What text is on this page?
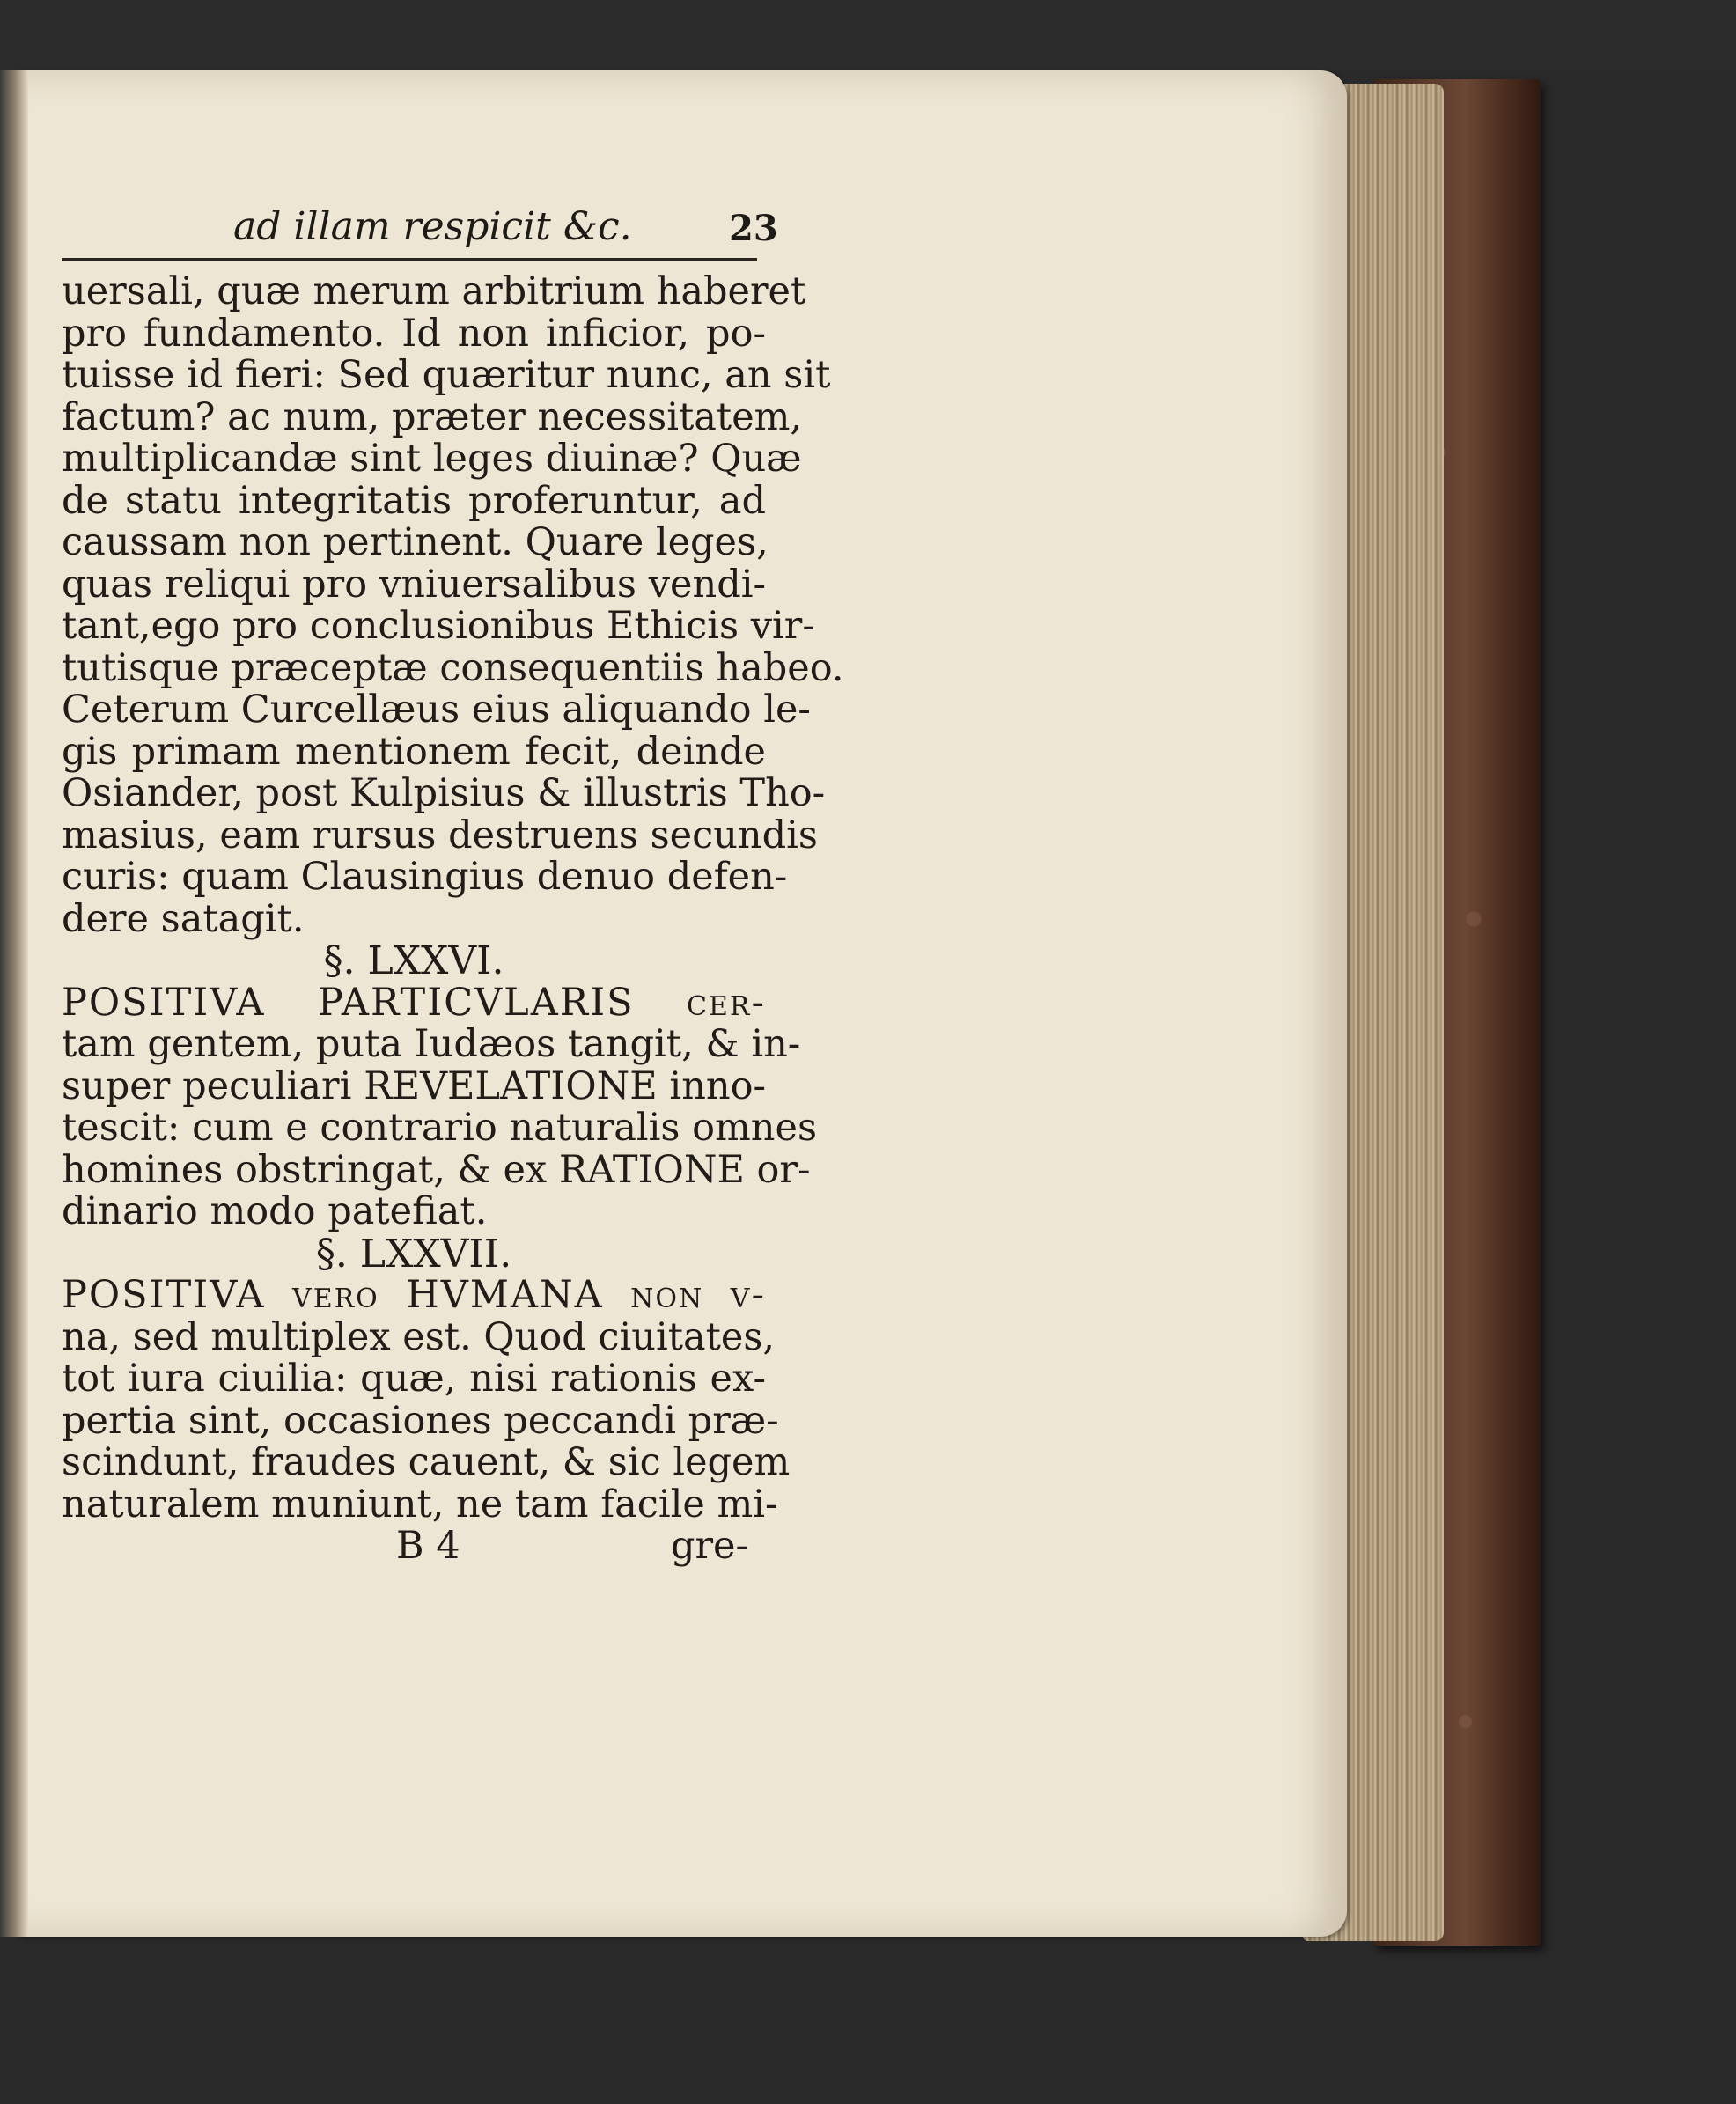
ad illam respicit &c.	23
uersali, quæ merum arbitrium haberet
pro fundamento. Id non inficior, po-
tuisse id fieri: Sed quæritur nunc, an sit
factum? ac num, præter necessitatem,
multiplicandæ sint leges diuinæ? Quæ
de statu integritatis proferuntur, ad
caussam non pertinent. Quare leges,
quas reliqui pro vniuersalibus vendi-
tant,ego pro conclusionibus Ethicis vir-
tutisque præceptæ consequentiis habeo.
Ceterum Curcellæus eius aliquando le-
gis primam mentionem fecit, deinde
Osiander, post Kulpisius & illustris Tho-
masius, eam rursus destruens secundis
curis: quam Clausingius denuo defen-
dere satagit.
§. LXXVI.
POSITIVA PARTICVLARIS cer-
tam gentem, puta Iudæos tangit, & in-
super peculiari REVELATIONE inno-
tescit: cum e contrario naturalis omnes
homines obstringat, & ex RATIONE or-
dinario modo patefiat.
§. LXXVII.
POSITIVA vero HVMANA non v-
na, sed multiplex est. Quod ciuitates,
tot iura ciuilia: quæ, nisi rationis ex-
pertia sint, occasiones peccandi præ-
scindunt, fraudes cauent, & sic legem
naturalem muniunt, ne tam facile mi-
B 4	gre-
